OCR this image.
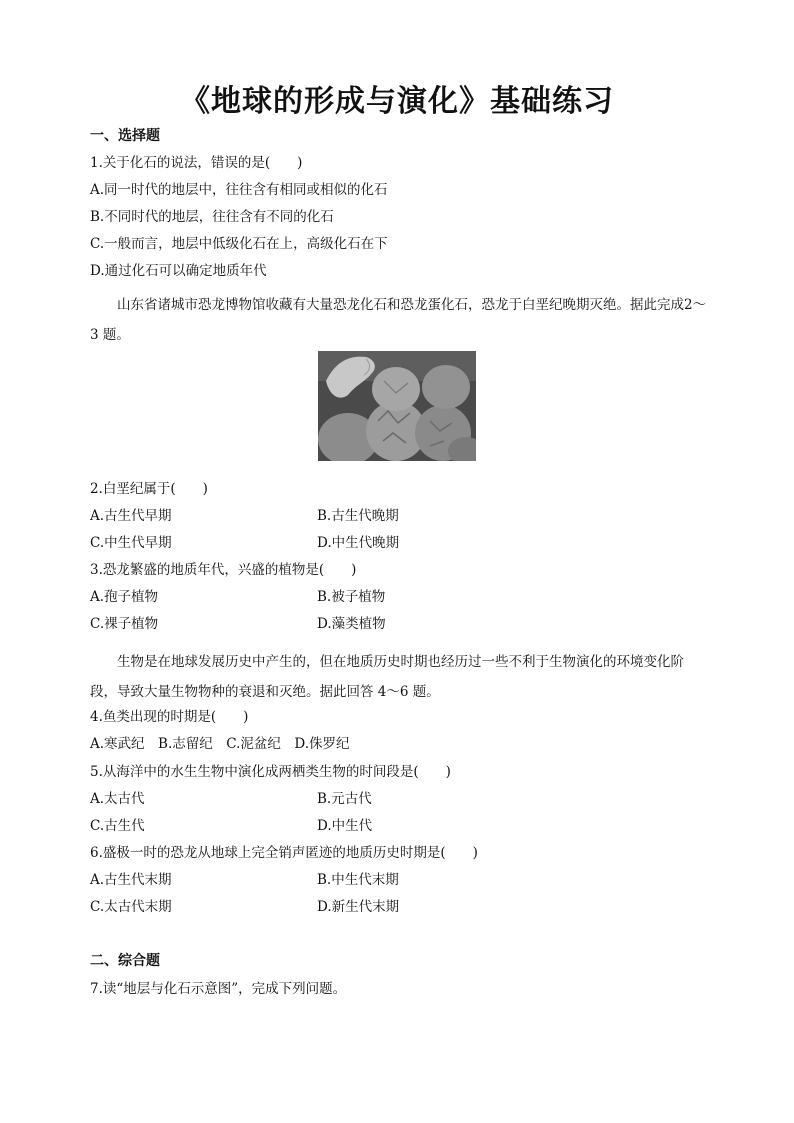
《地球的形成与演化》基础练习
一、选择题
1.关于化石的说法，错误的是(　　)
A.同一时代的地层中，往往含有相同或相似的化石
B.不同时代的地层，往往含有不同的化石
C.一般而言，地层中低级化石在上，高级化石在下
D.通过化石可以确定地质年代
山东省诸城市恐龙博物馆收藏有大量恐龙化石和恐龙蛋化石，恐龙于白垩纪晚期灭绝。据此完成2～3 题。
2.白垩纪属于(　　)
A.古生代早期	B.古生代晚期
C.中生代早期	D.中生代晚期
3.恐龙繁盛的地质年代，兴盛的植物是(　　)
A.孢子植物	B.被子植物
C.裸子植物	D.藻类植物
生物是在地球发展历史中产生的，但在地质历史时期也经历过一些不利于生物演化的环境变化阶段，导致大量生物物种的衰退和灭绝。据此回答 4～6 题。
4.鱼类出现的时期是(　　)
A.寒武纪　B.志留纪　C.泥盆纪　D.侏罗纪
5.从海洋中的水生生物中演化成两栖类生物的时间段是(　　)
A.太古代	B.元古代
C.古生代	D.中生代
6.盛极一时的恐龙从地球上完全销声匿迹的地质历史时期是(　　)
A.古生代末期	B.中生代末期
C.太古代末期	D.新生代末期
二、综合题
7.读“地层与化石示意图”，完成下列问题。
